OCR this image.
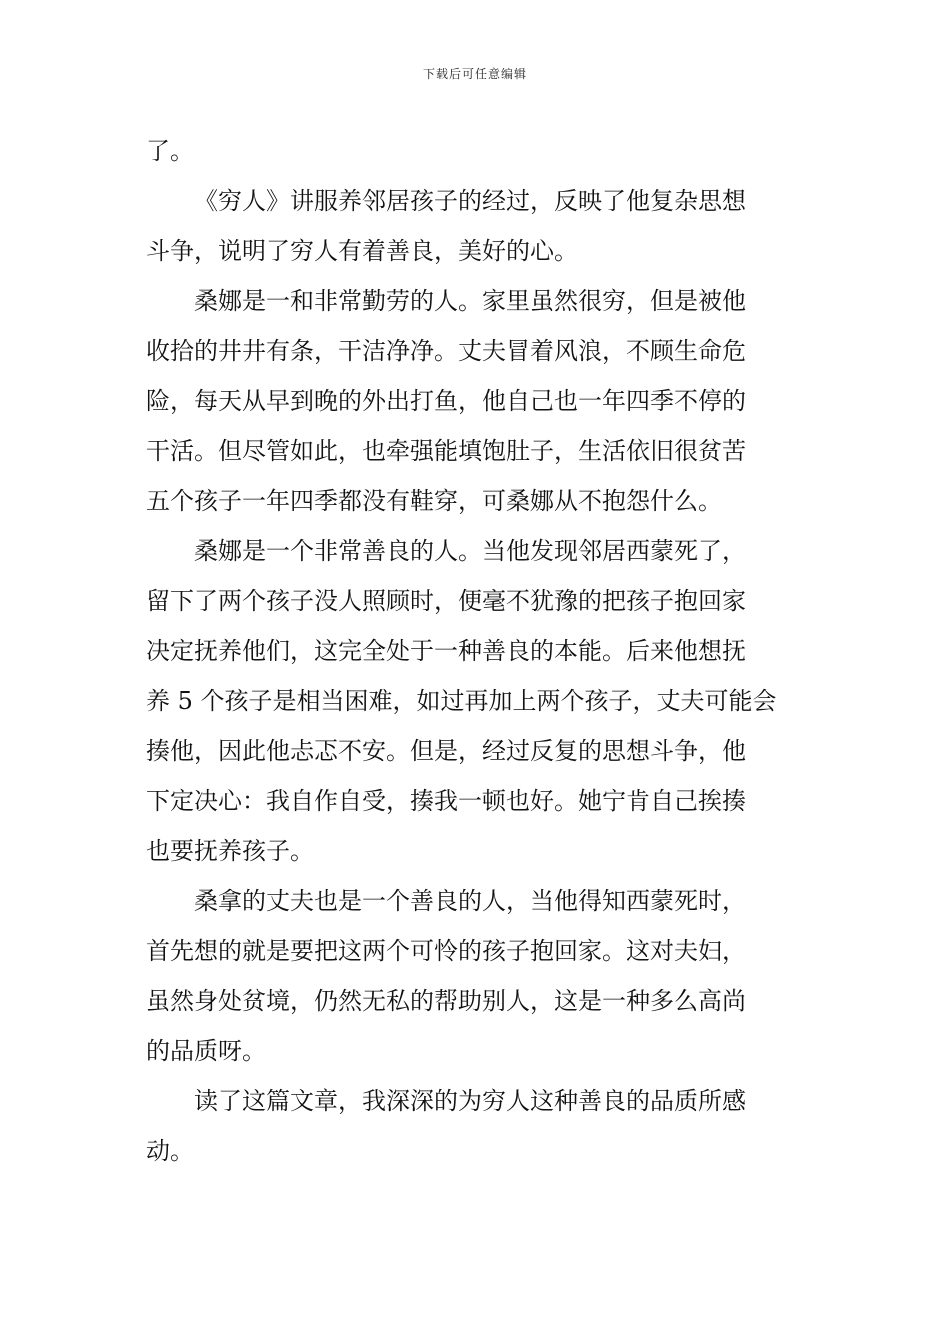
下载后可任意编辑
了。
《穷人》讲服养邻居孩子的经过，反映了他复杂思想
斗争，说明了穷人有着善良，美好的心。
桑娜是一和非常勤劳的人。家里虽然很穷，但是被他
收拾的井井有条，干洁净净。丈夫冒着风浪，不顾生命危
险，每天从早到晚的外出打鱼，他自己也一年四季不停的
干活。但尽管如此，也牵强能填饱肚子，生活依旧很贫苦
五个孩子一年四季都没有鞋穿，可桑娜从不抱怨什么。
桑娜是一个非常善良的人。当他发现邻居西蒙死了，
留下了两个孩子没人照顾时，便毫不犹豫的把孩子抱回家
决定抚养他们，这完全处于一种善良的本能。后来他想抚
养 5 个孩子是相当困难，如过再加上两个孩子，丈夫可能会
揍他，因此他忐忑不安。但是，经过反复的思想斗争，他
下定决心：我自作自受，揍我一顿也好。她宁肯自己挨揍
也要抚养孩子。
桑拿的丈夫也是一个善良的人，当他得知西蒙死时，
首先想的就是要把这两个可怜的孩子抱回家。这对夫妇，
虽然身处贫境，仍然无私的帮助别人，这是一种多么高尚
的品质呀。
读了这篇文章，我深深的为穷人这种善良的品质所感
动。
